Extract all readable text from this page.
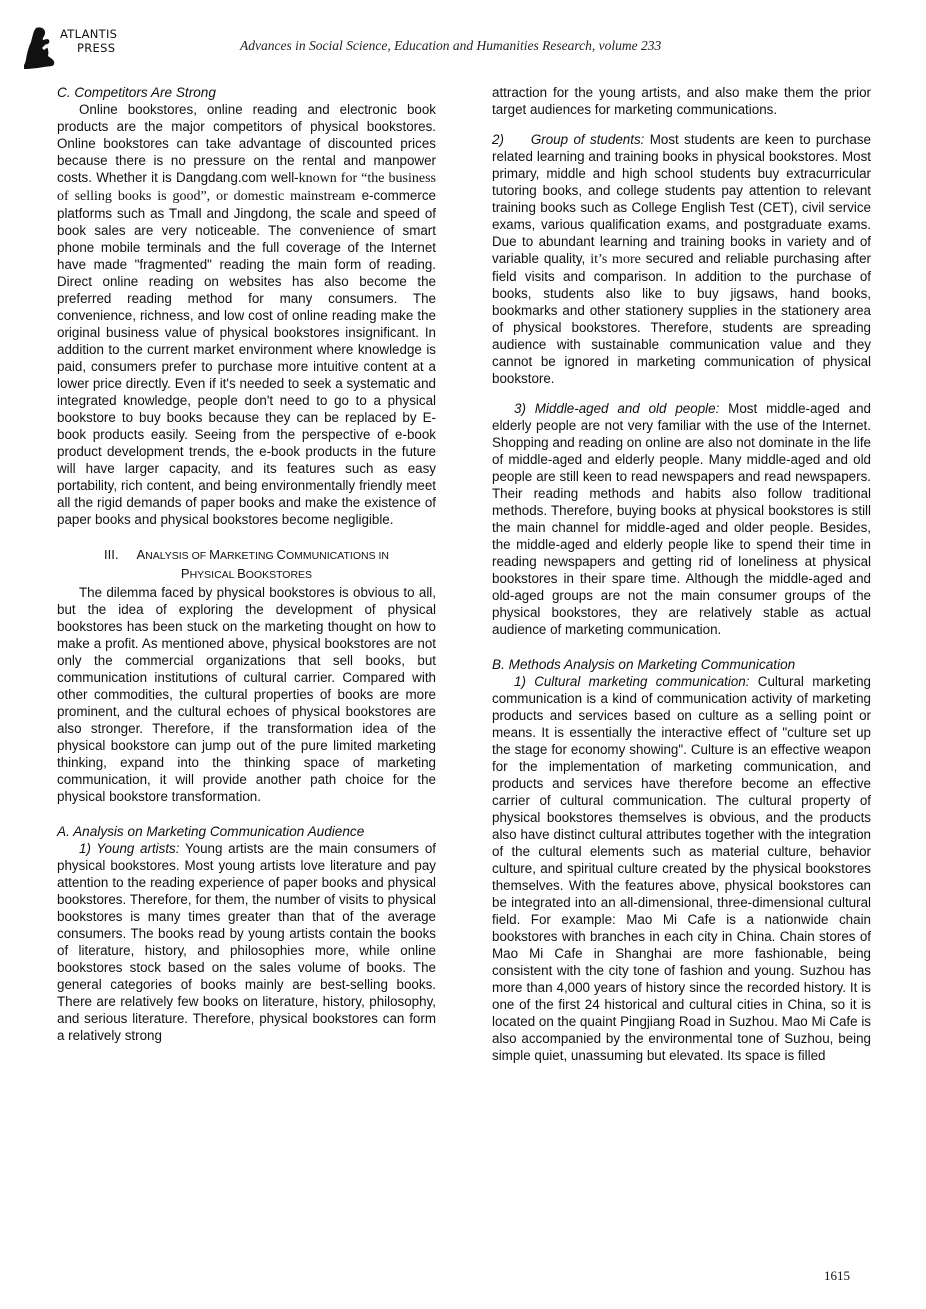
ATLANTIS
PRESS	Advances in Social Science, Education and Humanities Research, volume 233

C. Competitors Are Strong

Online bookstores, online reading and electronic book products are the major competitors of physical bookstores. Online bookstores can take advantage of discounted prices because there is no pressure on the rental and manpower costs. Whether it is Dangdang.com well-known for “the business of selling books is good”, or domestic mainstream e-commerce platforms such as Tmall and Jingdong, the scale and speed of book sales are very noticeable. The convenience of smart phone mobile terminals and the full coverage of the Internet have made "fragmented" reading the main form of reading. Direct online reading on websites has also become the preferred reading method for many consumers. The convenience, richness, and low cost of online reading make the original business value of physical bookstores insignificant. In addition to the current market environment where knowledge is paid, consumers prefer to purchase more intuitive content at a lower price directly. Even if it's needed to seek a systematic and integrated knowledge, people don't need to go to a physical bookstore to buy books because they can be replaced by E-book products easily. Seeing from the perspective of e-book product development trends, the e-book products in the future will have larger capacity, and its features such as easy portability, rich content, and being environmentally friendly meet all the rigid demands of paper books and make the existence of paper books and physical bookstores become negligible.

III. ANALYSIS OF MARKETING COMMUNICATIONS IN
PHYSICAL BOOKSTORES

The dilemma faced by physical bookstores is obvious to all, but the idea of exploring the development of physical bookstores has been stuck on the marketing thought on how to make a profit. As mentioned above, physical bookstores are not only the commercial organizations that sell books, but communication institutions of cultural carrier. Compared with other commodities, the cultural properties of books are more prominent, and the cultural echoes of physical bookstores are also stronger. Therefore, if the transformation idea of the physical bookstore can jump out of the pure limited marketing thinking, expand into the thinking space of marketing communication, it will provide another path choice for the physical bookstore transformation.

A. Analysis on Marketing Communication Audience

1) Young artists: Young artists are the main consumers of physical bookstores. Most young artists love literature and pay attention to the reading experience of paper books and physical bookstores. Therefore, for them, the number of visits to physical bookstores is many times greater than that of the average consumers. The books read by young artists contain the books of literature, history, and philosophies more, while online bookstores stock based on the sales volume of books. The general categories of books mainly are best-selling books. There are relatively few books on literature, history, philosophy, and serious literature. Therefore, physical bookstores can form a relatively strong

attraction for the young artists, and also make them the prior target audiences for marketing communications.

2)     Group of students: Most students are keen to purchase related learning and training books in physical bookstores. Most primary, middle and high school students buy extracurricular tutoring books, and college students pay attention to relevant training books such as College English Test (CET), civil service exams, various qualification exams, and postgraduate exams. Due to abundant learning and training books in variety and of variable quality, it’s more secured and reliable purchasing after field visits and comparison. In addition to the purchase of books, students also like to buy jigsaws, hand books, bookmarks and other stationery supplies in the stationery area of physical bookstores. Therefore, students are spreading audience with sustainable communication value and they cannot be ignored in marketing communication of physical bookstore.

3) Middle-aged and old people: Most middle-aged and elderly people are not very familiar with the use of the Internet. Shopping and reading on online are also not dominate in the life of middle-aged and elderly people. Many middle-aged and old people are still keen to read newspapers and read newspapers. Their reading methods and habits also follow traditional methods. Therefore, buying books at physical bookstores is still the main channel for middle-aged and older people. Besides, the middle-aged and elderly people like to spend their time in reading newspapers and getting rid of loneliness at physical bookstores in their spare time. Although the middle-aged and old-aged groups are not the main consumer groups of the physical bookstores, they are relatively stable as actual audience of marketing communication.

B. Methods Analysis on Marketing Communication

1) Cultural marketing communication: Cultural marketing communication is a kind of communication activity of marketing products and services based on culture as a selling point or means. It is essentially the interactive effect of "culture set up the stage for economy showing". Culture is an effective weapon for the implementation of marketing communication, and products and services have therefore become an effective carrier of cultural communication. The cultural property of physical bookstores themselves is obvious, and the products also have distinct cultural attributes together with the integration of the cultural elements such as material culture, behavior culture, and spiritual culture created by the physical bookstores themselves. With the features above, physical bookstores can be integrated into an all-dimensional, three-dimensional cultural field. For example: Mao Mi Cafe is a nationwide chain bookstores with branches in each city in China. Chain stores of Mao Mi Cafe in Shanghai are more fashionable, being consistent with the city tone of fashion and young. Suzhou has more than 4,000 years of history since the recorded history. It is one of the first 24 historical and cultural cities in China, so it is located on the quaint Pingjiang Road in Suzhou. Mao Mi Cafe is also accompanied by the environmental tone of Suzhou, being simple quiet, unassuming but elevated. Its space is filled

1615
